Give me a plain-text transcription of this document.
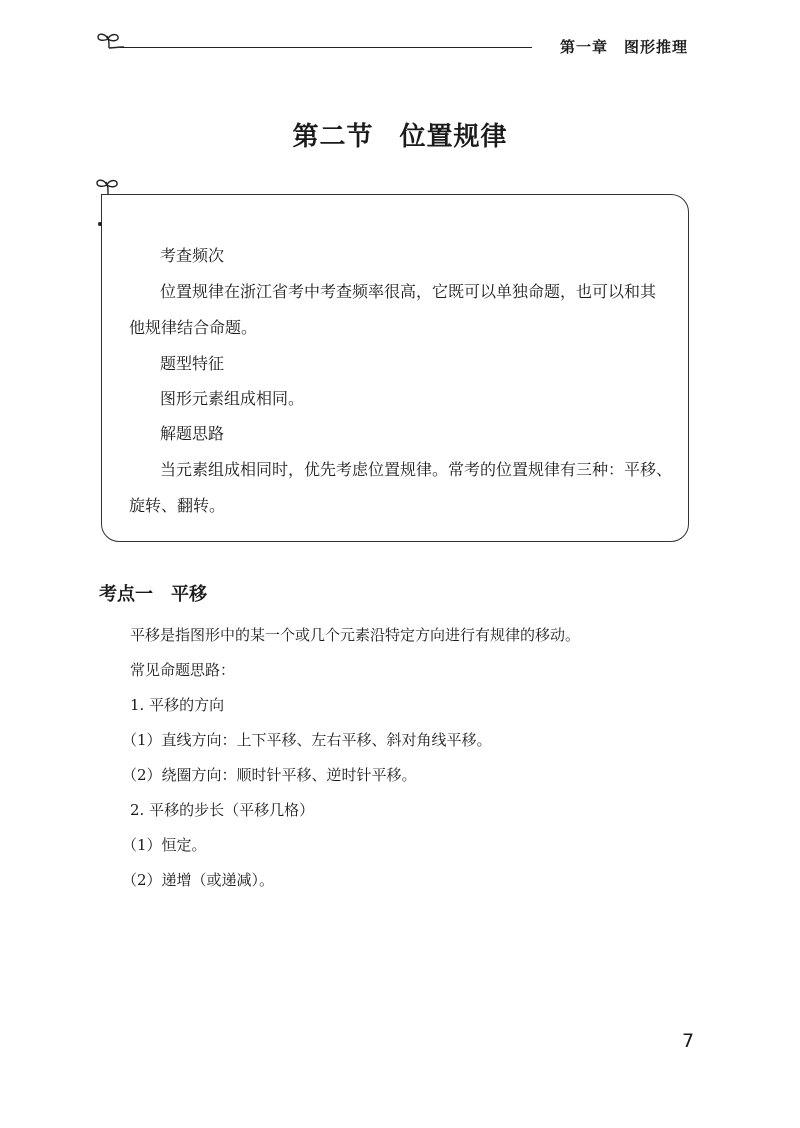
第一章 图形推理
第二节 位置规律
考查频次
位置规律在浙江省考中考查频率很高，它既可以单独命题，也可以和其
他规律结合命题。
题型特征
图形元素组成相同。
解题思路
当元素组成相同时，优先考虑位置规律。常考的位置规律有三种：平移、
旋转、翻转。
考点一 平移
平移是指图形中的某一个或几个元素沿特定方向进行有规律的移动。
常见命题思路：
1. 平移的方向
（1）直线方向：上下平移、左右平移、斜对角线平移。
（2）绕圈方向：顺时针平移、逆时针平移。
2. 平移的步长（平移几格）
（1）恒定。
（2）递增（或递减）。
7
